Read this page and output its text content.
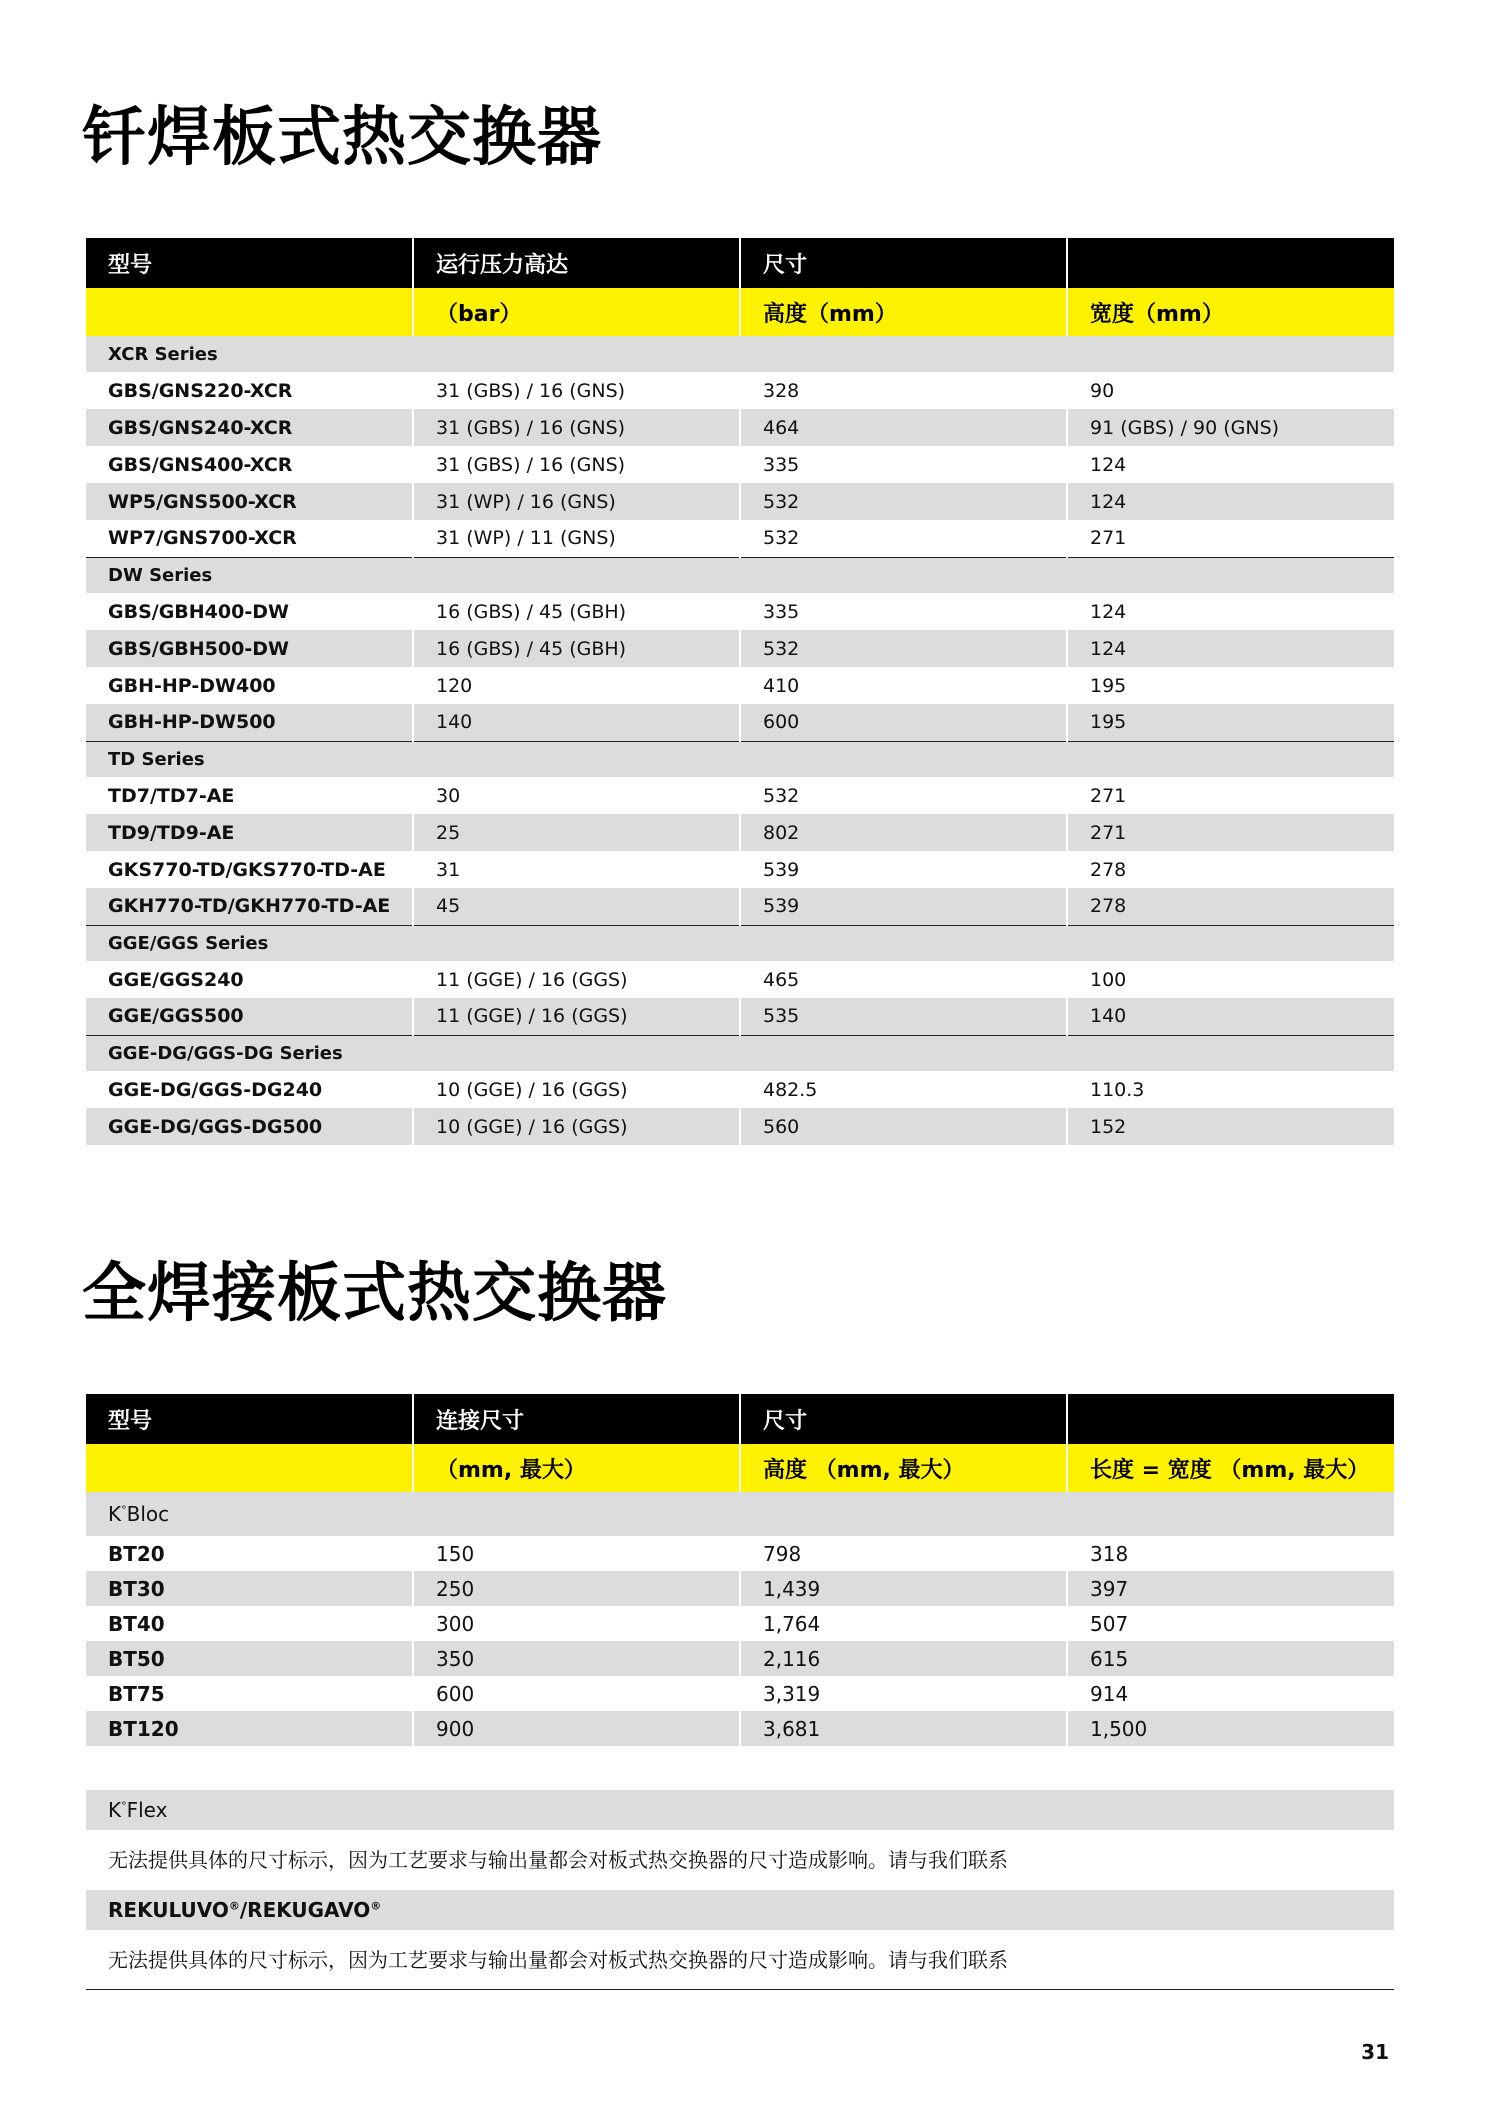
钎焊板式热交换器
型号	运行压力高达	尺寸	
	（bar）	高度（mm）	宽度（mm）
XCR Series			
GBS/GNS220-XCR	31 (GBS) / 16 (GNS)	328	90
GBS/GNS240-XCR	31 (GBS) / 16 (GNS)	464	91 (GBS) / 90 (GNS)
GBS/GNS400-XCR	31 (GBS) / 16 (GNS)	335	124
WP5/GNS500-XCR	31 (WP) / 16 (GNS)	532	124
WP7/GNS700-XCR	31 (WP) / 11 (GNS)	532	271
DW Series			
GBS/GBH400-DW	16 (GBS) / 45 (GBH)	335	124
GBS/GBH500-DW	16 (GBS) / 45 (GBH)	532	124
GBH-HP-DW400	120	410	195
GBH-HP-DW500	140	600	195
TD Series			
TD7/TD7-AE	30	532	271
TD9/TD9-AE	25	802	271
GKS770-TD/GKS770-TD-AE	31	539	278
GKH770-TD/GKH770-TD-AE	45	539	278
GGE/GGS Series			
GGE/GGS240	11 (GGE) / 16 (GGS)	465	100
GGE/GGS500	11 (GGE) / 16 (GGS)	535	140
GGE-DG/GGS-DG Series			
GGE-DG/GGS-DG240	10 (GGE) / 16 (GGS)	482.5	110.3
GGE-DG/GGS-DG500	10 (GGE) / 16 (GGS)	560	152
全焊接板式热交换器
型号	连接尺寸	尺寸	
	（mm, 最大）	高度 （mm, 最大）	长度 = 宽度 （mm, 最大）
K°Bloc			
BT20	150	798	318
BT30	250	1,439	397
BT40	300	1,764	507
BT50	350	2,116	615
BT75	600	3,319	914
BT120	900	3,681	1,500
K°Flex
无法提供具体的尺寸标示，因为工艺要求与输出量都会对板式热交换器的尺寸造成影响。请与我们联系
REKULUVO®/REKUGAVO®
无法提供具体的尺寸标示，因为工艺要求与输出量都会对板式热交换器的尺寸造成影响。请与我们联系
31
